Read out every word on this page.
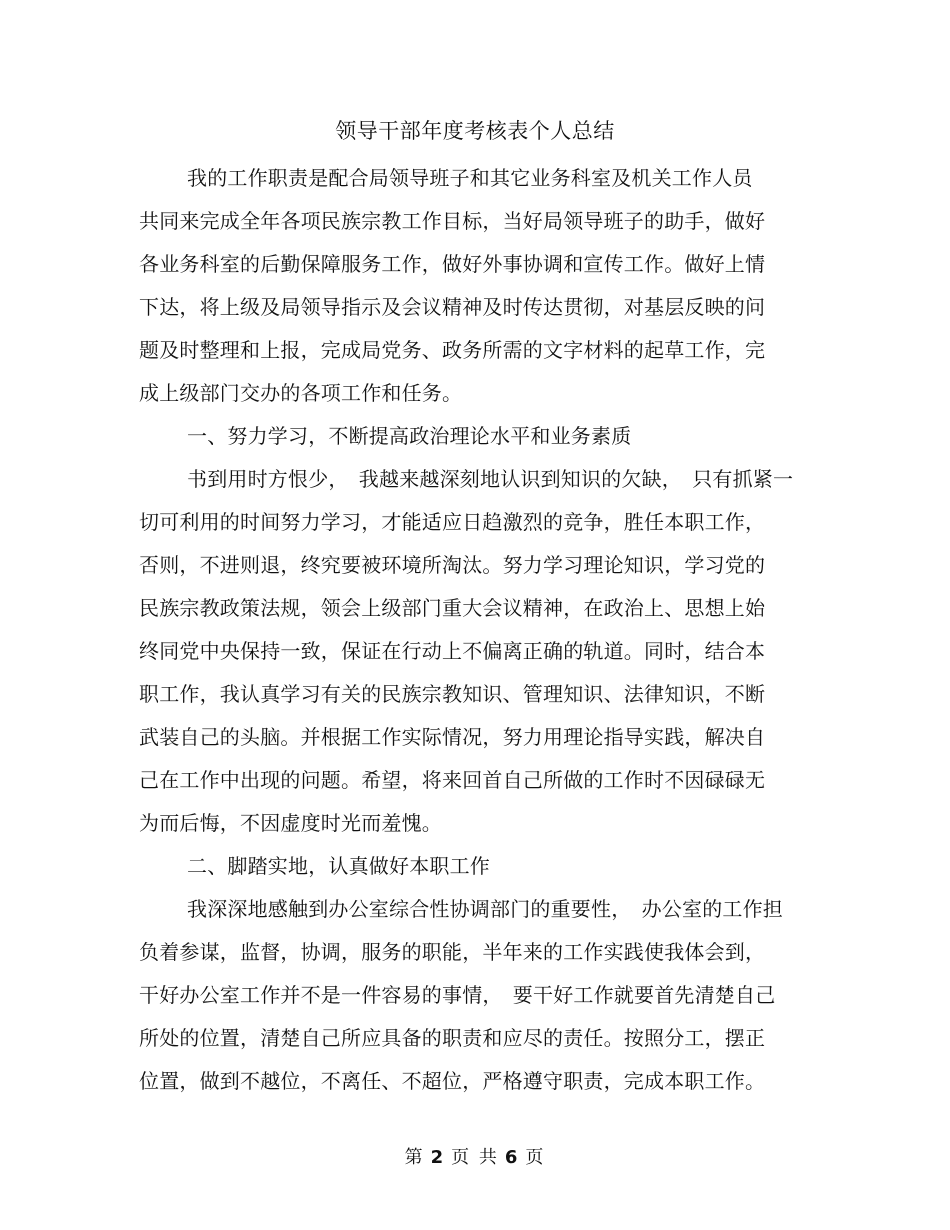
领导干部年度考核表个人总结
我的工作职责是配合局领导班子和其它业务科室及机关工作人员
共同来完成全年各项民族宗教工作目标，当好局领导班子的助手，做好
各业务科室的后勤保障服务工作，做好外事协调和宣传工作。做好上情
下达，将上级及局领导指示及会议精神及时传达贯彻，对基层反映的问
题及时整理和上报，完成局党务、政务所需的文字材料的起草工作，完
成上级部门交办的各项工作和任务。
一、努力学习，不断提高政治理论水平和业务素质
书到用时方恨少，　我越来越深刻地认识到知识的欠缺，　只有抓紧一
切可利用的时间努力学习，才能适应日趋激烈的竞争，胜任本职工作，
否则，不进则退，终究要被环境所淘汰。努力学习理论知识，学习党的
民族宗教政策法规，领会上级部门重大会议精神，在政治上、思想上始
终同党中央保持一致，保证在行动上不偏离正确的轨道。同时，结合本
职工作，我认真学习有关的民族宗教知识、管理知识、法律知识，不断
武装自己的头脑。并根据工作实际情况，努力用理论指导实践，解决自
己在工作中出现的问题。希望，将来回首自己所做的工作时不因碌碌无
为而后悔，不因虚度时光而羞愧。
二、脚踏实地，认真做好本职工作
我深深地感触到办公室综合性协调部门的重要性，　办公室的工作担
负着参谋，监督，协调，服务的职能，半年来的工作实践使我体会到，
干好办公室工作并不是一件容易的事情，　要干好工作就要首先清楚自己
所处的位置，清楚自己所应具备的职责和应尽的责任。按照分工，摆正
位置，做到不越位，不离任、不超位，严格遵守职责，完成本职工作。
第 2 页 共 6 页
